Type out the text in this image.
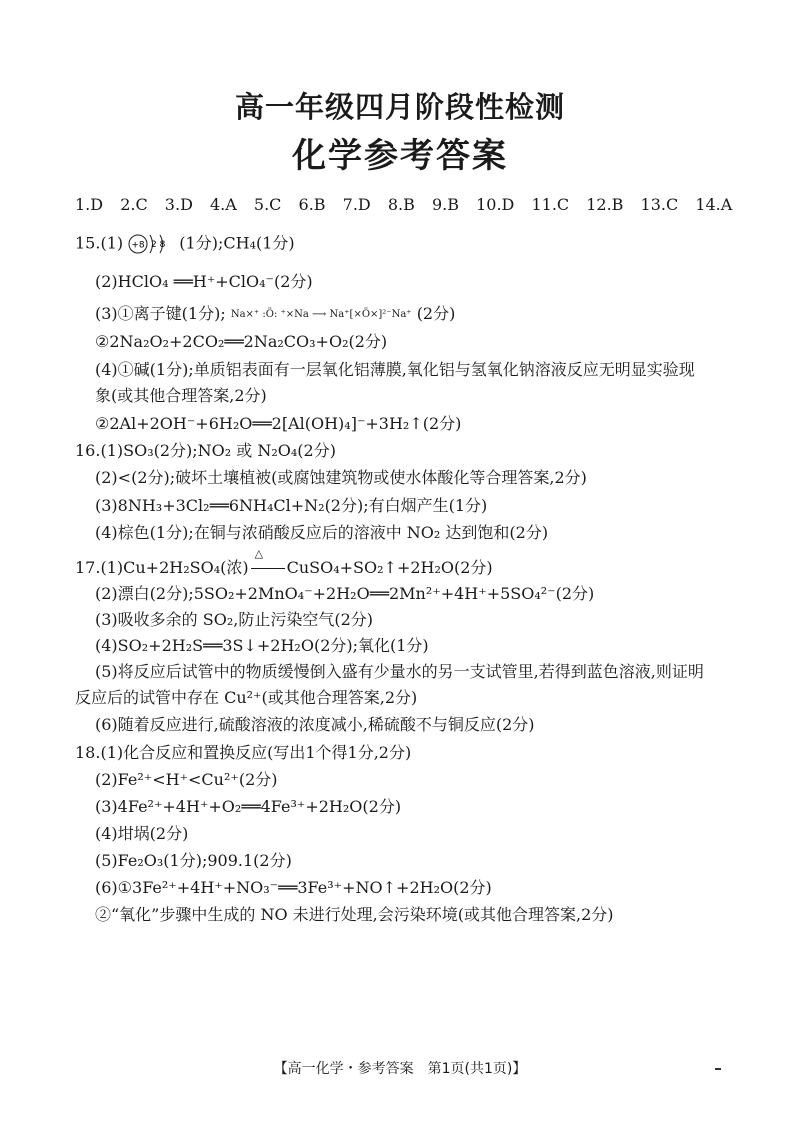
高一年级四月阶段性检测
化学参考答案
1.D 2.C 3.D 4.A 5.C 6.B 7.D 8.B 9.B 10.D 11.C 12.B 13.C 14.A
15.(1) +8 2 8 (1分);CH₄(1分)
(2)HClO₄ ══H⁺+ClO₄⁻(2分)
(3)①离子键(1分); Na×⁺ :Ö: ⁺×Na ⟶ Na⁺[×Ö×]²⁻Na⁺ (2分)
②2Na₂O₂+2CO₂══2Na₂CO₃+O₂(2分)
(4)①碱(1分);单质铝表面有一层氧化铝薄膜,氧化铝与氢氧化钠溶液反应无明显实验现
象(或其他合理答案,2分)
②2Al+2OH⁻+6H₂O══2[Al(OH)₄]⁻+3H₂↑(2分)
16.(1)SO₃(2分);NO₂ 或 N₂O₄(2分)
(2)<(2分);破坏土壤植被(或腐蚀建筑物或使水体酸化等合理答案,2分)
(3)8NH₃+3Cl₂══6NH₄Cl+N₂(2分);有白烟产生(1分)
(4)棕色(1分);在铜与浓硝酸反应后的溶液中 NO₂ 达到饱和(2分)
17.(1)Cu+2H₂SO₄(浓)
△
CuSO₄+SO₂↑+2H₂O(2分)
(2)漂白(2分);5SO₂+2MnO₄⁻+2H₂O══2Mn²⁺+4H⁺+5SO₄²⁻(2分)
(3)吸收多余的 SO₂,防止污染空气(2分)
(4)SO₂+2H₂S══3S↓+2H₂O(2分);氧化(1分)
(5)将反应后试管中的物质缓慢倒入盛有少量水的另一支试管里,若得到蓝色溶液,则证明
反应后的试管中存在 Cu²⁺(或其他合理答案,2分)
(6)随着反应进行,硫酸溶液的浓度减小,稀硫酸不与铜反应(2分)
18.(1)化合反应和置换反应(写出1个得1分,2分)
(2)Fe²⁺<H⁺<Cu²⁺(2分)
(3)4Fe²⁺+4H⁺+O₂══4Fe³⁺+2H₂O(2分)
(4)坩埚(2分)
(5)Fe₂O₃(1分);909.1(2分)
(6)①3Fe²⁺+4H⁺+NO₃⁻══3Fe³⁺+NO↑+2H₂O(2分)
②“氧化”步骤中生成的 NO 未进行处理,会污染环境(或其他合理答案,2分)
【高一化学・参考答案　第1页(共1页)】
